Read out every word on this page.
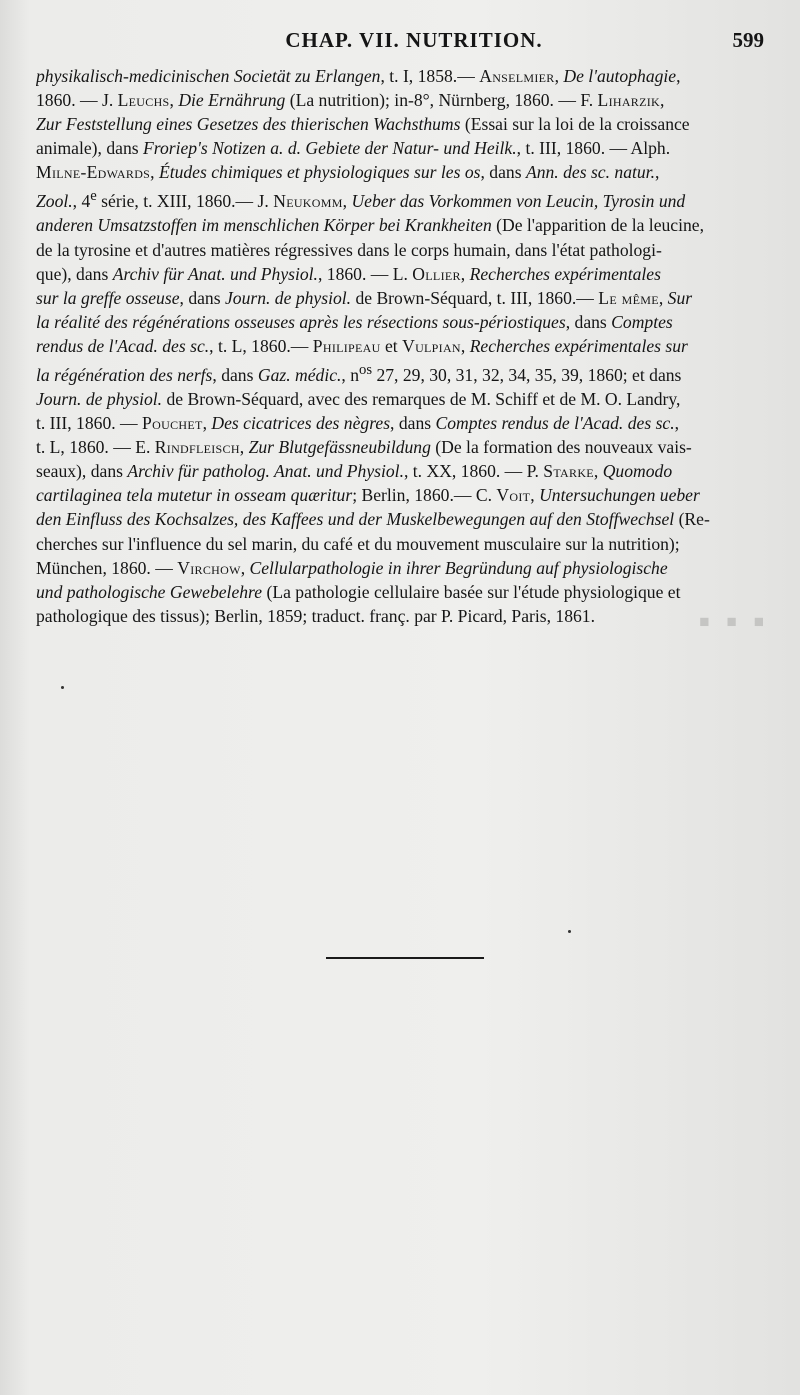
CHAP. VII. NUTRITION.	599
physikalisch-medicinischen Societät zu Erlangen, t. I, 1858.— Anselmier, De l'autophagie,
1860. — J. Leuchs, Die Ernährung (La nutrition); in-8°, Nürnberg, 1860. — F. Liharzik,
Zur Feststellung eines Gesetzes des thierischen Wachsthums (Essai sur la loi de la croissance
animale), dans Froriep's Notizen a. d. Gebiete der Natur- und Heilk., t. III, 1860. — Alph.
Milne-Edwards, Études chimiques et physiologiques sur les os, dans Ann. des sc. natur.,
Zool., 4e série, t. XIII, 1860.— J. Neukomm, Ueber das Vorkommen von Leucin, Tyrosin und
anderen Umsatzstoffen im menschlichen Körper bei Krankheiten (De l'apparition de la leucine,
de la tyrosine et d'autres matières régressives dans le corps humain, dans l'état pathologi-
que), dans Archiv für Anat. und Physiol., 1860. — L. Ollier, Recherches expérimentales
sur la greffe osseuse, dans Journ. de physiol. de Brown-Séquard, t. III, 1860.— Le même, Sur
la réalité des régénérations osseuses après les résections sous-périostiques, dans Comptes
rendus de l'Acad. des sc., t. L, 1860.— Philipeau et Vulpian, Recherches expérimentales sur
la régénération des nerfs, dans Gaz. médic., $n^{os}$ 27, 29, 30, 31, 32, 34, 35, 39, 1860; et dans
Journ. de physiol. de Brown-Séquard, avec des remarques de M. Schiff et de M. O. Landry,
t. III, 1860. — Pouchet, Des cicatrices des nègres, dans Comptes rendus de l'Acad. des sc.,
t. L, 1860. — E. Rindfleisch, Zur Blutgefässneubildung (De la formation des nouveaux vais-
seaux), dans Archiv für patholog. Anat. und Physiol., t. XX, 1860. — P. Starke, Quomodo
cartilaginea tela mutetur in osseam quæritur; Berlin, 1860.— C. Voit, Untersuchungen ueber
den Einfluss des Kochsalzes, des Kaffees und der Muskelbewegungen auf den Stoffwechsel (Re-
cherches sur l'influence du sel marin, du café et du mouvement musculaire sur la nutrition);
München, 1860. — Virchow, Cellularpathologie in ihrer Begründung auf physiologische
und pathologische Gewebelehre (La pathologie cellulaire basée sur l'étude physiologique et
pathologique des tissus); Berlin, 1859; traduct. franç. par P. Picard, Paris, 1861.	■ ■ ■
